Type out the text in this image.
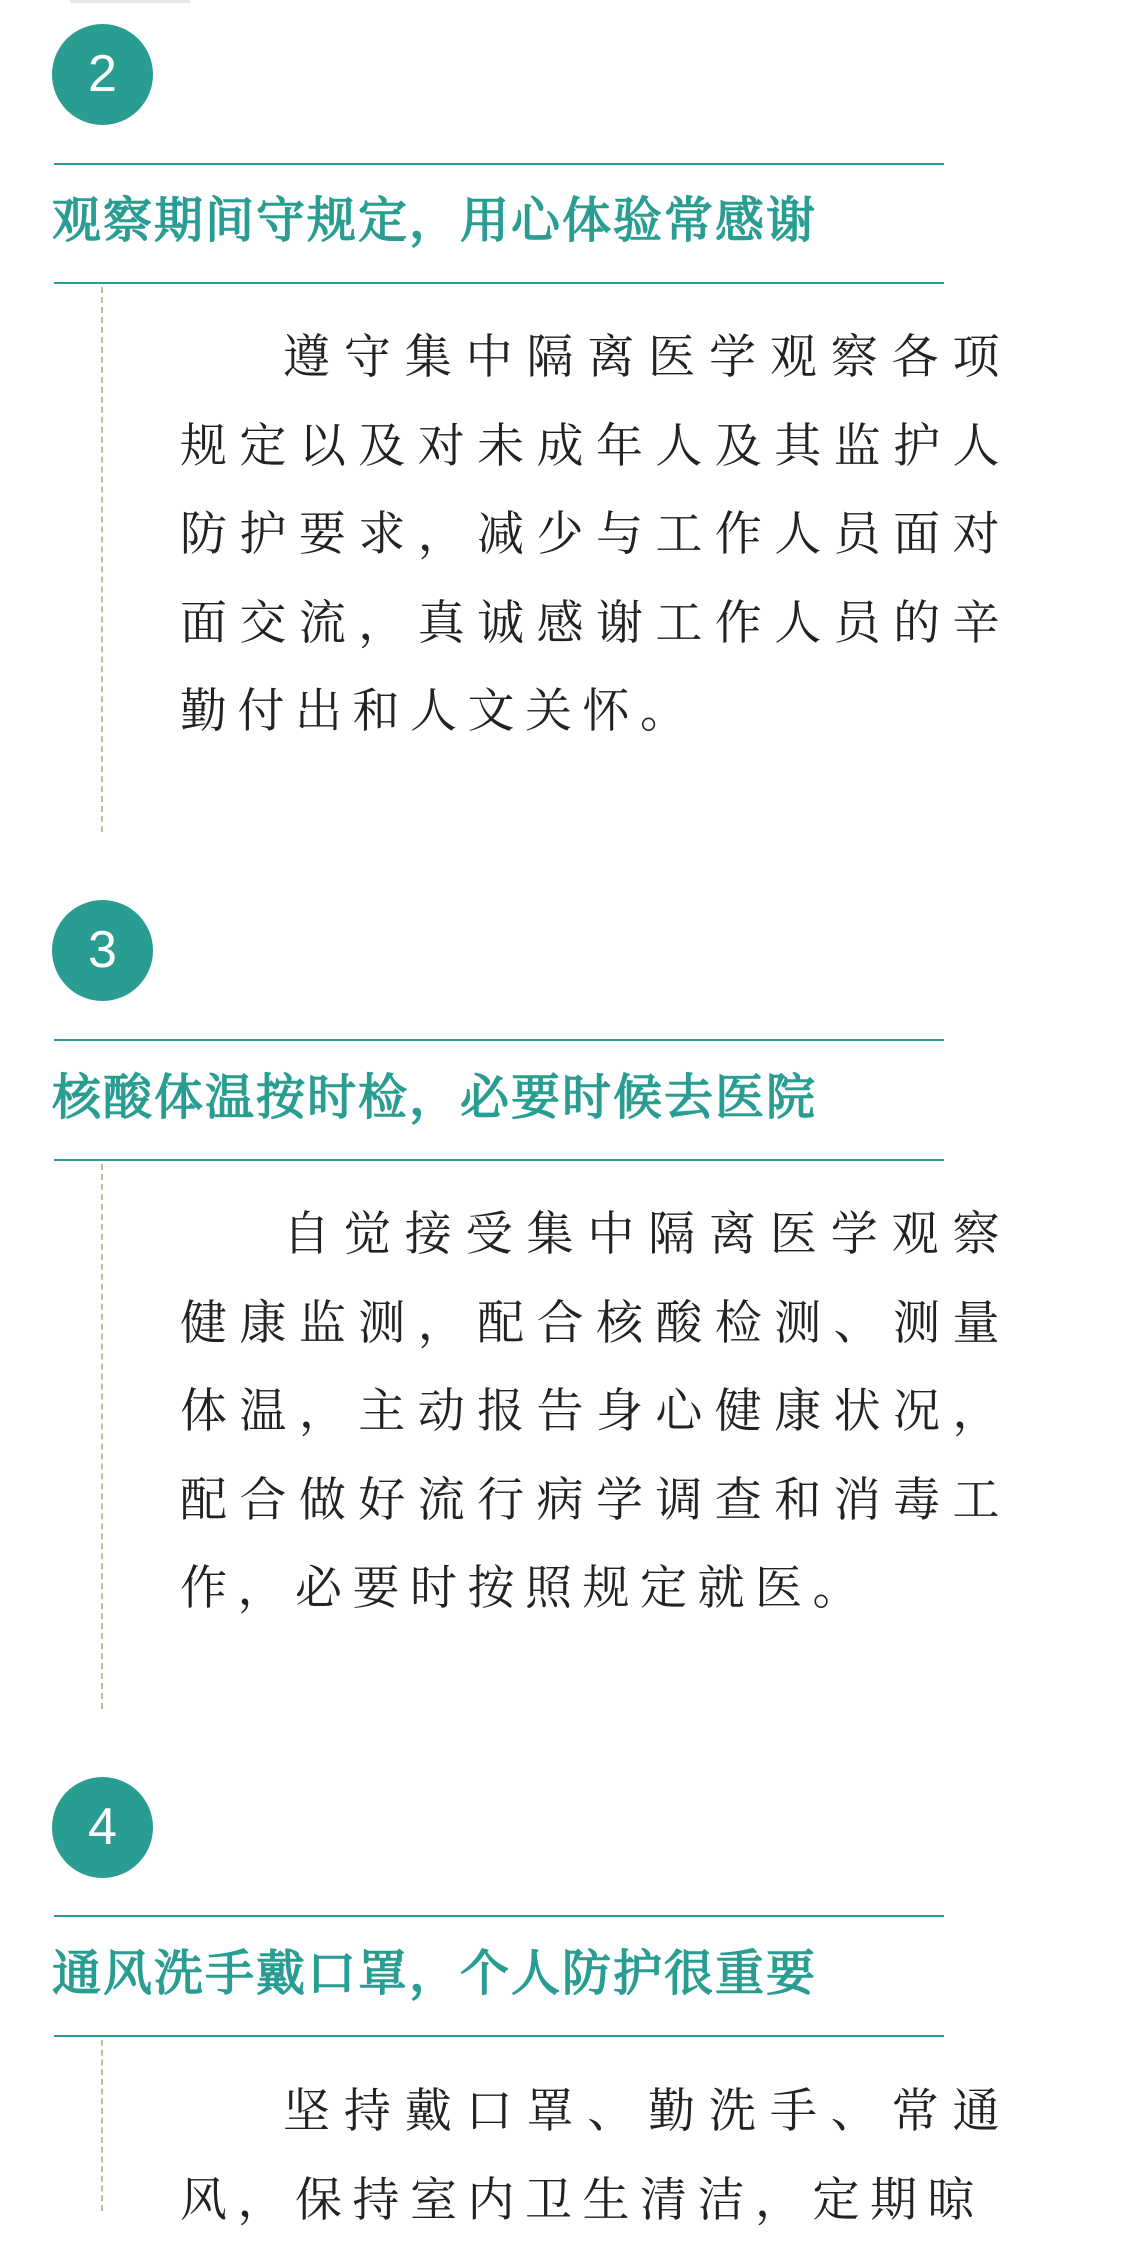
2
观察期间守规定，用心体验常感谢

遵守集中隔离医学观察各项规定以及对未成年人及其监护人防护要求，减少与工作人员面对面交流，真诚感谢工作人员的辛勤付出和人文关怀。

3
核酸体温按时检，必要时候去医院

自觉接受集中隔离医学观察健康监测，配合核酸检测、测量体温，主动报告身心健康状况，配合做好流行病学调查和消毒工作，必要时按照规定就医。

4
通风洗手戴口罩，个人防护很重要

坚持戴口罩、勤洗手、常通风，保持室内卫生清洁，定期晾
